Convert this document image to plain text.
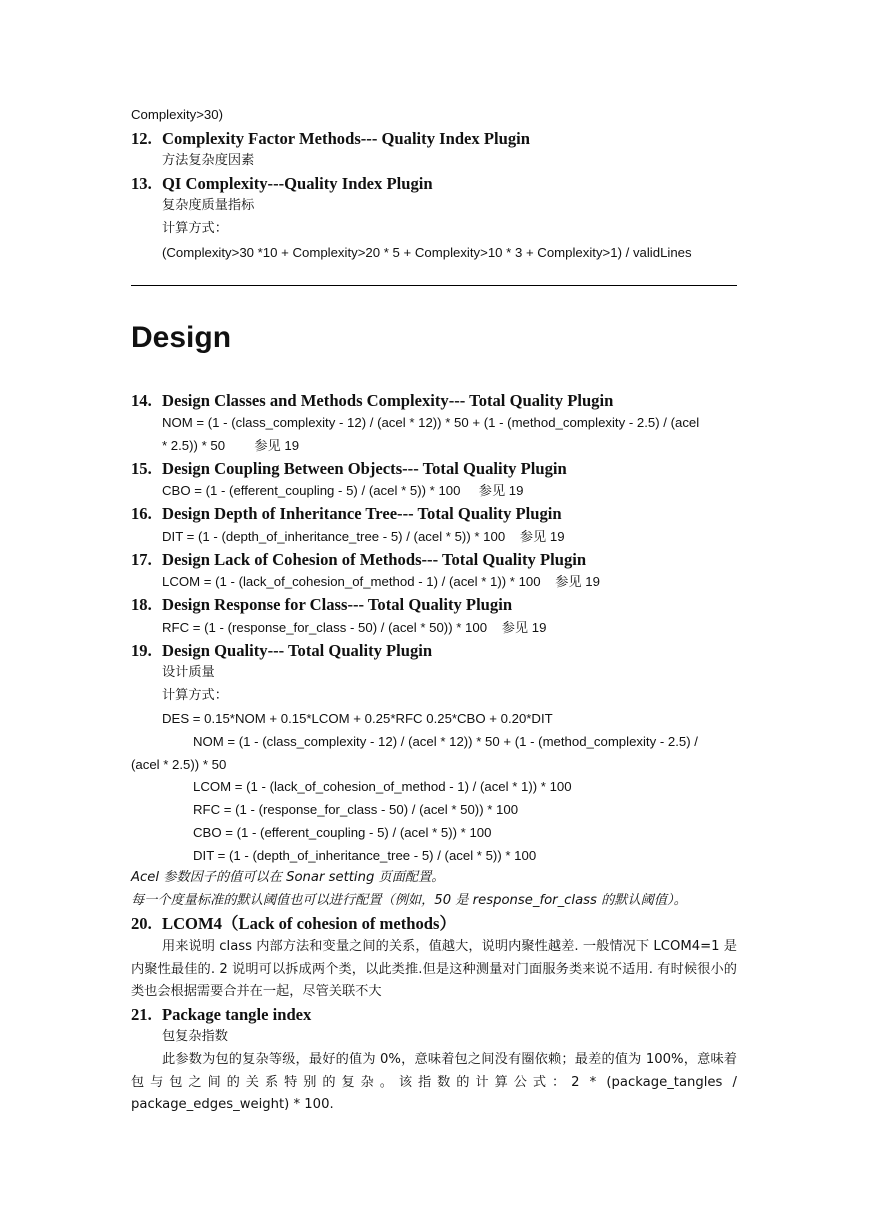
Complexity>30)
12. Complexity Factor Methods--- Quality Index Plugin
方法复杂度因素
13. QI Complexity---Quality Index Plugin
复杂度质量指标
计算方式：
(Complexity>30 *10 + Complexity>20 * 5 + Complexity>10 * 3 + Complexity>1) / validLines
Design
14. Design Classes and Methods Complexity--- Total Quality Plugin
NOM = (1 - (class_complexity - 12) / (acel * 12)) * 50 + (1 - (method_complexity - 2.5) / (acel
* 2.5)) * 50        参见 19
15. Design Coupling Between Objects--- Total Quality Plugin
CBO = (1 - (efferent_coupling - 5) / (acel * 5)) * 100     参见 19
16. Design Depth of Inheritance Tree--- Total Quality Plugin
DIT = (1 - (depth_of_inheritance_tree - 5) / (acel * 5)) * 100    参见 19
17. Design Lack of Cohesion of Methods--- Total Quality Plugin
LCOM = (1 - (lack_of_cohesion_of_method - 1) / (acel * 1)) * 100    参见 19
18. Design Response for Class--- Total Quality Plugin
RFC = (1 - (response_for_class - 50) / (acel * 50)) * 100    参见 19
19. Design Quality--- Total Quality Plugin
设计质量
计算方式：
DES = 0.15*NOM + 0.15*LCOM + 0.25*RFC 0.25*CBO + 0.20*DIT
NOM = (1 - (class_complexity - 12) / (acel * 12)) * 50 + (1 - (method_complexity - 2.5) /
(acel * 2.5)) * 50
LCOM = (1 - (lack_of_cohesion_of_method - 1) / (acel * 1)) * 100
RFC = (1 - (response_for_class - 50) / (acel * 50)) * 100
CBO = (1 - (efferent_coupling - 5) / (acel * 5)) * 100
DIT = (1 - (depth_of_inheritance_tree - 5) / (acel * 5)) * 100
Acel 参数因子的值可以在 Sonar setting 页面配置。
每一个度量标准的默认阈值也可以进行配置（例如，50 是 response_for_class 的默认阈值）。
20. LCOM4（Lack of cohesion of methods）
用来说明 class 内部方法和变量之间的关系，值越大，说明内聚性越差. 一般情况下 LCOM4=1 是内聚性最佳的. 2 说明可以拆成两个类，以此类推.但是这种测量对门面服务类来说不适用. 有时候很小的类也会根据需要合并在一起，尽管关联不大
21. Package tangle index
包复杂指数
此参数为包的复杂等级，最好的值为 0%，意味着包之间没有圈依赖；最差的值为 100%，意味着包与包之间的关系特别的复杂。该指数的计算公式：2 * (package_tangles / package_edges_weight) * 100.
